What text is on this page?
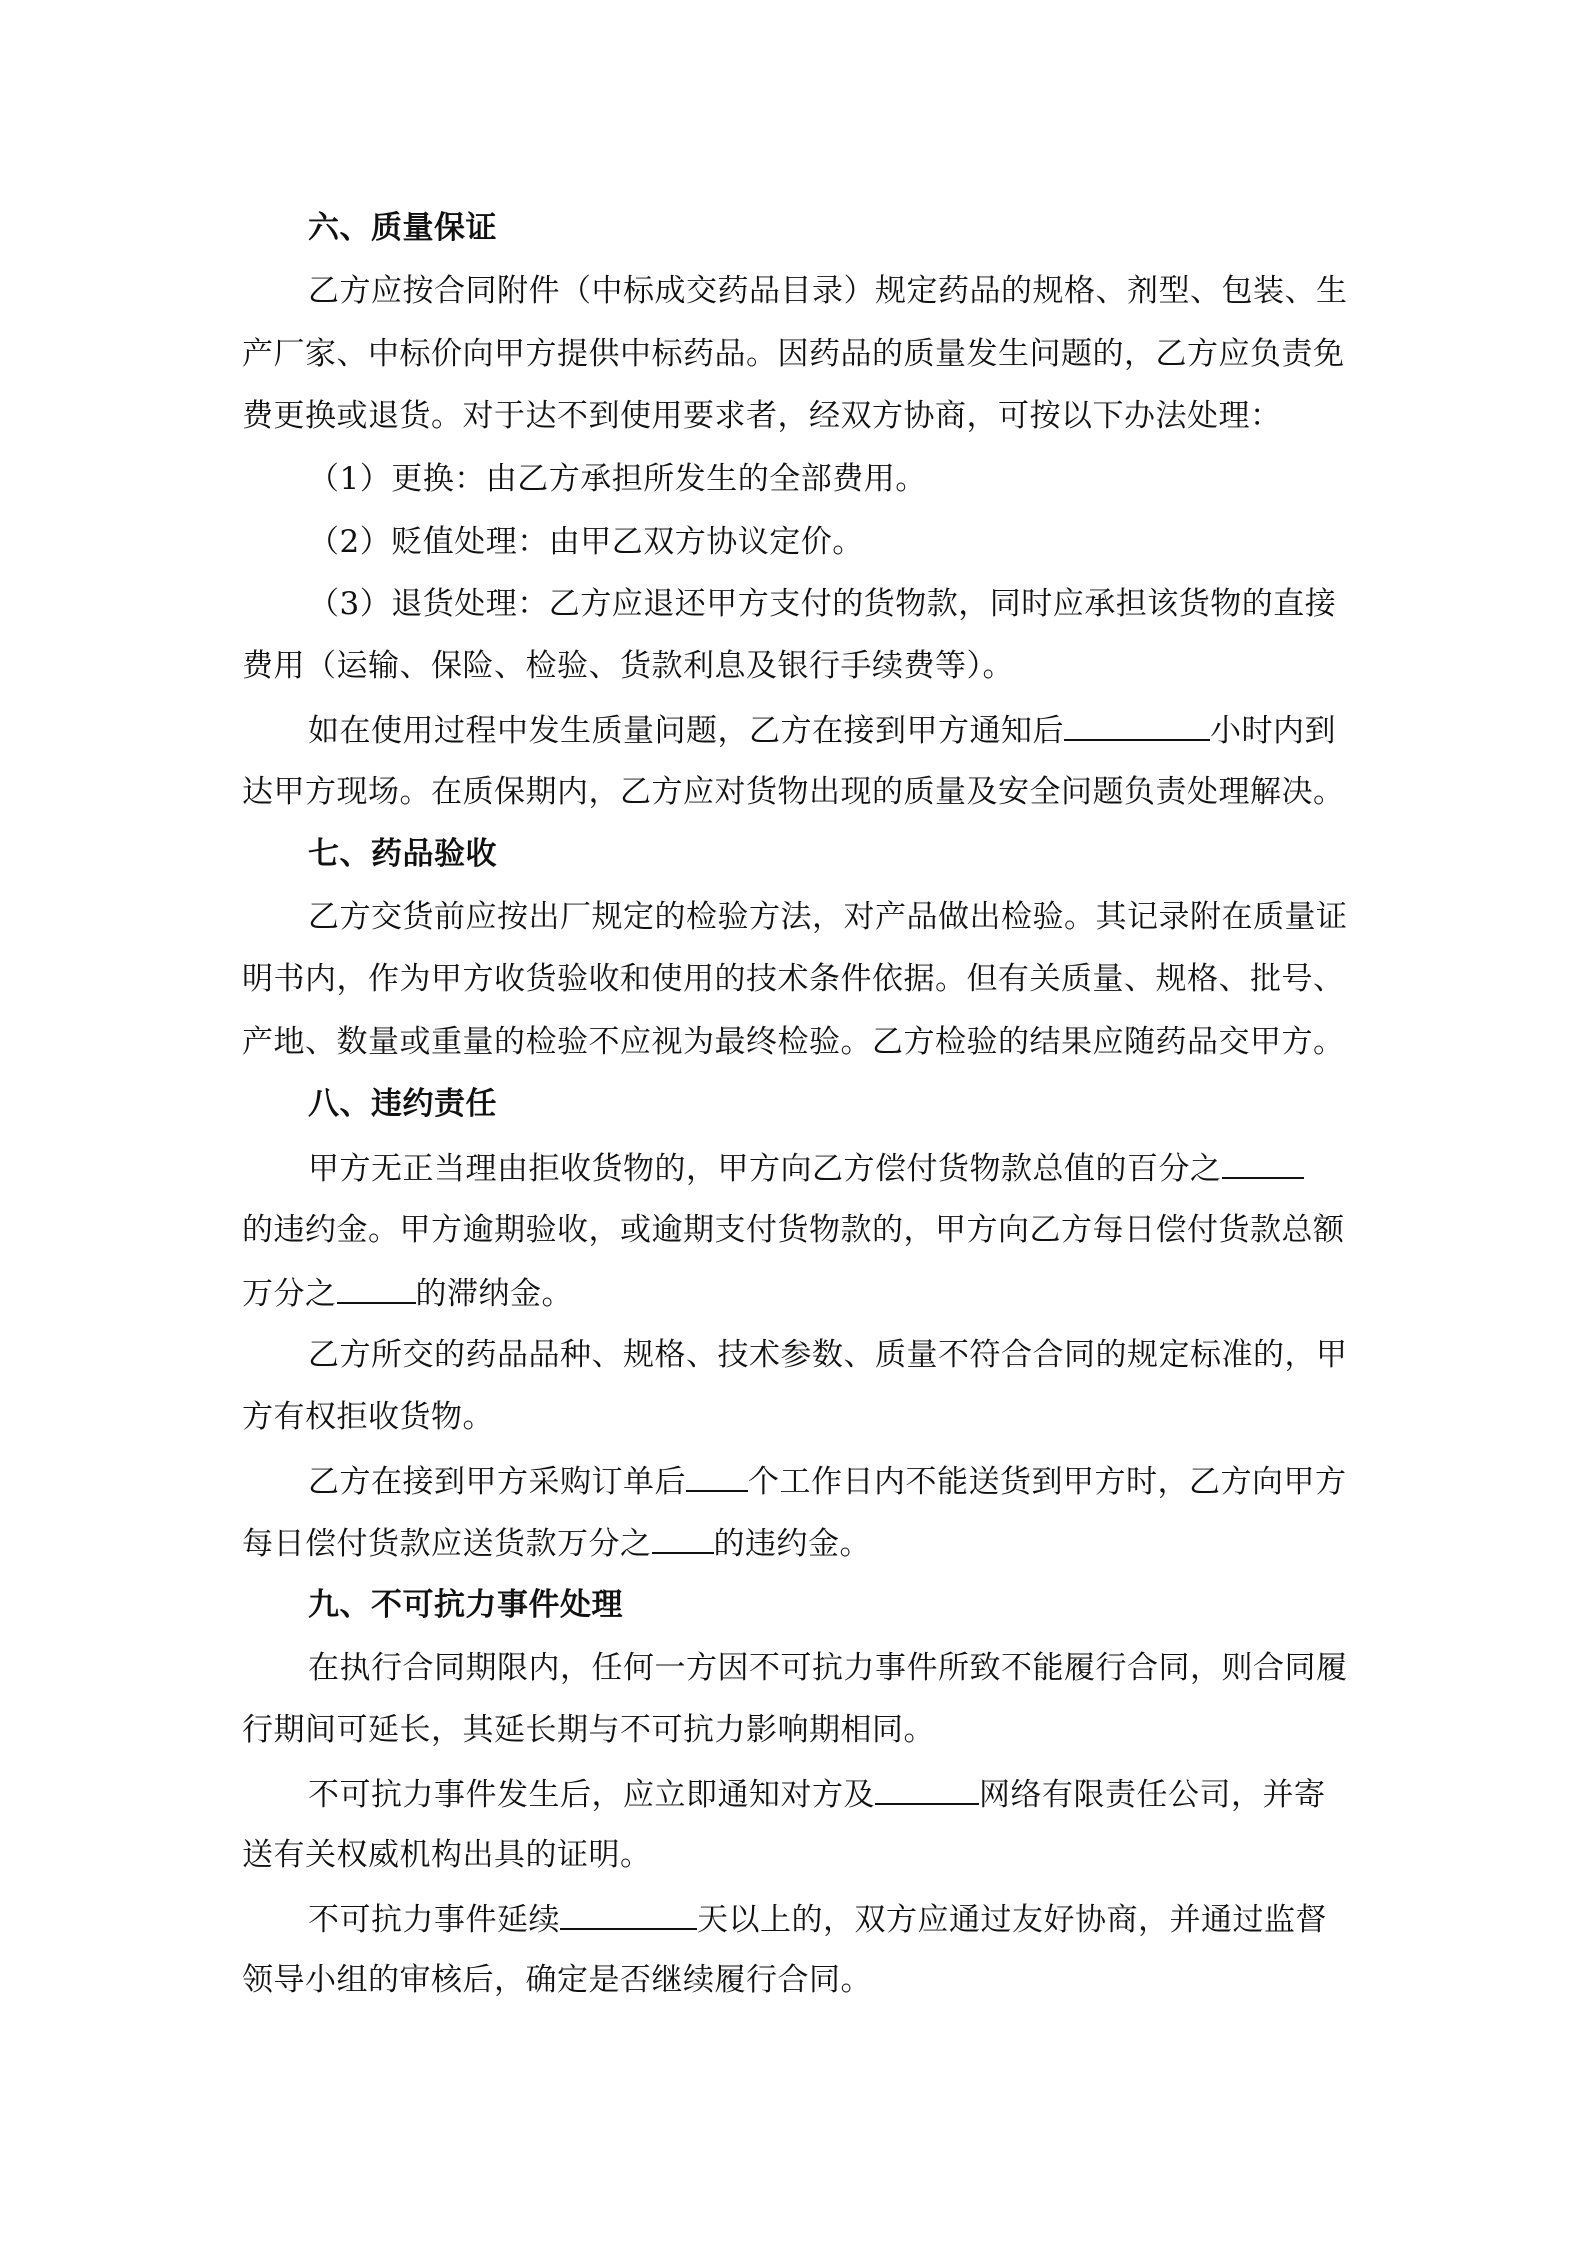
六、质量保证
乙方应按合同附件（中标成交药品目录）规定药品的规格、剂型、包装、生
产厂家、中标价向甲方提供中标药品。因药品的质量发生问题的，乙方应负责免
费更换或退货。对于达不到使用要求者，经双方协商，可按以下办法处理：
（1）更换：由乙方承担所发生的全部费用。
（2）贬值处理：由甲乙双方协议定价。
（3）退货处理：乙方应退还甲方支付的货物款，同时应承担该货物的直接
费用（运输、保险、检验、货款利息及银行手续费等）。
如在使用过程中发生质量问题，乙方在接到甲方通知后	小时内到
达甲方现场。在质保期内，乙方应对货物出现的质量及安全问题负责处理解决。
七、药品验收
乙方交货前应按出厂规定的检验方法，对产品做出检验。其记录附在质量证
明书内，作为甲方收货验收和使用的技术条件依据。但有关质量、规格、批号、
产地、数量或重量的检验不应视为最终检验。乙方检验的结果应随药品交甲方。
八、违约责任
甲方无正当理由拒收货物的，甲方向乙方偿付货物款总值的百分之
的违约金。甲方逾期验收，或逾期支付货物款的，甲方向乙方每日偿付货款总额
万分之	的滞纳金。
乙方所交的药品品种、规格、技术参数、质量不符合合同的规定标准的，甲
方有权拒收货物。
乙方在接到甲方采购订单后 个工作日内不能送货到甲方时，乙方向甲方
每日偿付货款应送货款万分之 的违约金。
九、不可抗力事件处理
在执行合同期限内，任何一方因不可抗力事件所致不能履行合同，则合同履
行期间可延长，其延长期与不可抗力影响期相同。
不可抗力事件发生后，应立即通知对方及	网络有限责任公司，并寄
送有关权威机构出具的证明。
不可抗力事件延续	天以上的，双方应通过友好协商，并通过监督
领导小组的审核后，确定是否继续履行合同。
